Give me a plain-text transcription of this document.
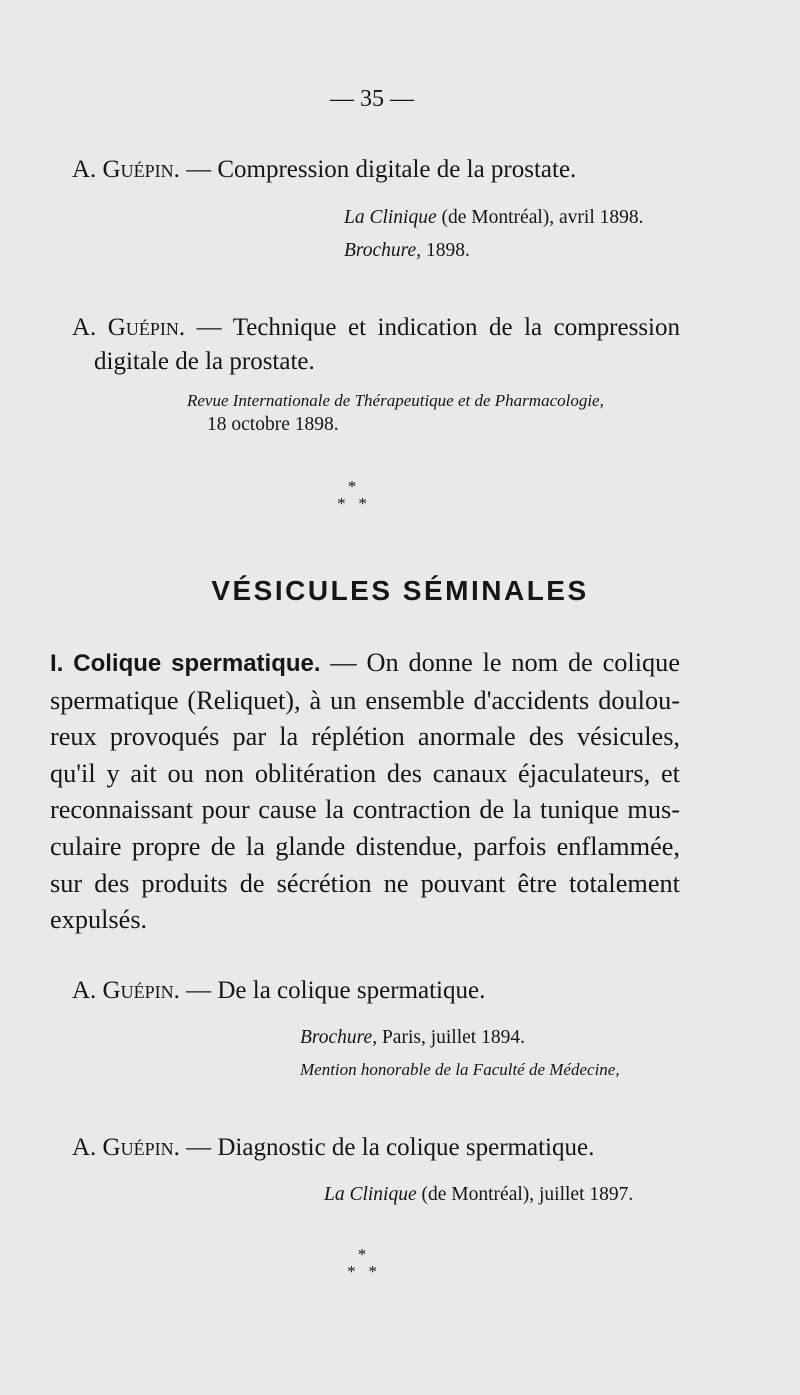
— 35 —
A. Guépin. — Compression digitale de la prostate.
La Clinique (de Montréal), avril 1898.
Brochure, 1898.
A. Guépin. — Technique et indication de la compression
digitale de la prostate.
Revue Internationale de Thérapeutique et de Pharmacologie,
18 octobre 1898.
*
* *
VÉSICULES SÉMINALES
I. Colique spermatique. — On donne le nom de colique
spermatique (Reliquet), à un ensemble d'accidents doulou-
reux provoqués par la réplétion anormale des vésicules,
qu'il y ait ou non oblitération des canaux éjaculateurs, et
reconnaissant pour cause la contraction de la tunique mus-
culaire propre de la glande distendue, parfois enflammée,
sur des produits de sécrétion ne pouvant être totalement
expulsés.
A. Guépin. — De la colique spermatique.
Brochure, Paris, juillet 1894.
Mention honorable de la Faculté de Médecine,
A. Guépin. — Diagnostic de la colique spermatique.
La Clinique (de Montréal), juillet 1897.
*
* *
